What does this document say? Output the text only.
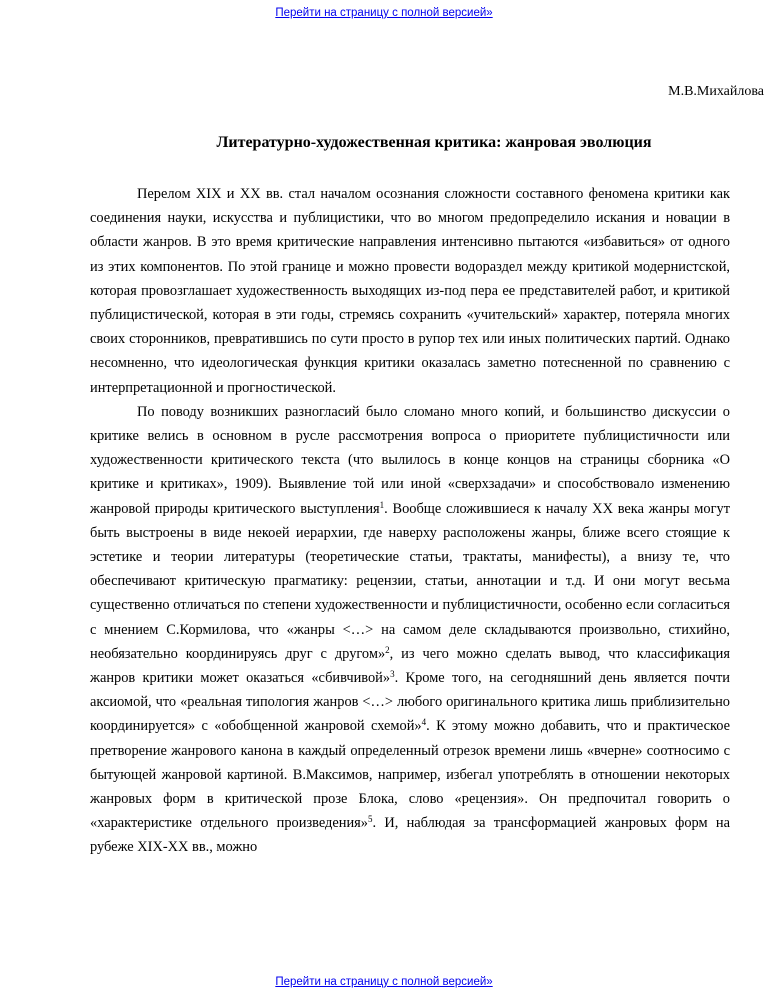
Перейти на страницу с полной версией»
М.В.Михайлова
Литературно-художественная критика: жанровая эволюция

Перелом XIX и XX вв. стал началом осознания сложности составного феномена критики как соединения науки, искусства и публицистики, что во многом предопределило искания и новации в области жанров. В это время критические направления интенсивно пытаются «избавиться» от одного из этих компонентов. По этой границе и можно провести водораздел между критикой модернистской, которая провозглашает художественность выходящих из-под пера ее представителей работ, и критикой публицистической, которая в эти годы, стремясь сохранить «учительский» характер, потеряла многих своих сторонников, превратившись по сути просто в рупор тех или иных политических партий. Однако несомненно, что идеологическая функция критики оказалась заметно потесненной по сравнению с интерпретационной и прогностической.

По поводу возникших разногласий было сломано много копий, и большинство дискуссии о критике велись в основном в русле рассмотрения вопроса о приоритете публицистичности или художественности критического текста (что вылилось в конце концов на страницы сборника «О критике и критиках», 1909). Выявление той или иной «сверхзадачи» и способствовало изменению жанровой природы критического выступления$^1$. Вообще сложившиеся к началу XX века жанры могут быть выстроены в виде некоей иерархии, где наверху расположены жанры, ближе всего стоящие к эстетике и теории литературы (теоретические статьи, трактаты, манифесты), а внизу те, что обеспечивают критическую прагматику: рецензии, статьи, аннотации и т.д. И они могут весьма существенно отличаться по степени художественности и публицистичности, особенно если согласиться с мнением С.Кормилова, что «жанры <…> на самом деле складываются произвольно, стихийно, необязательно координируясь друг с другом»$^2$, из чего можно сделать вывод, что классификация жанров критики может оказаться «сбивчивой»$^3$. Кроме того, на сегодняшний день является почти аксиомой, что «реальная типология жанров <…> любого оригинального критика лишь приблизительно координируется» с «обобщенной жанровой схемой»$^4$. К этому можно добавить, что и практическое претворение жанрового канона в каждый определенный отрезок времени лишь «вчерне» соотносимо с бытующей жанровой картиной. В.Максимов, например, избегал употреблять в отношении некоторых жанровых форм в критической прозе Блока, слово «рецензия». Он предпочитал говорить о «характеристике отдельного произведения»$^5$. И, наблюдая за трансформацией жанровых форм на рубеже XIX-XX вв., можно

Перейти на страницу с полной версией»
